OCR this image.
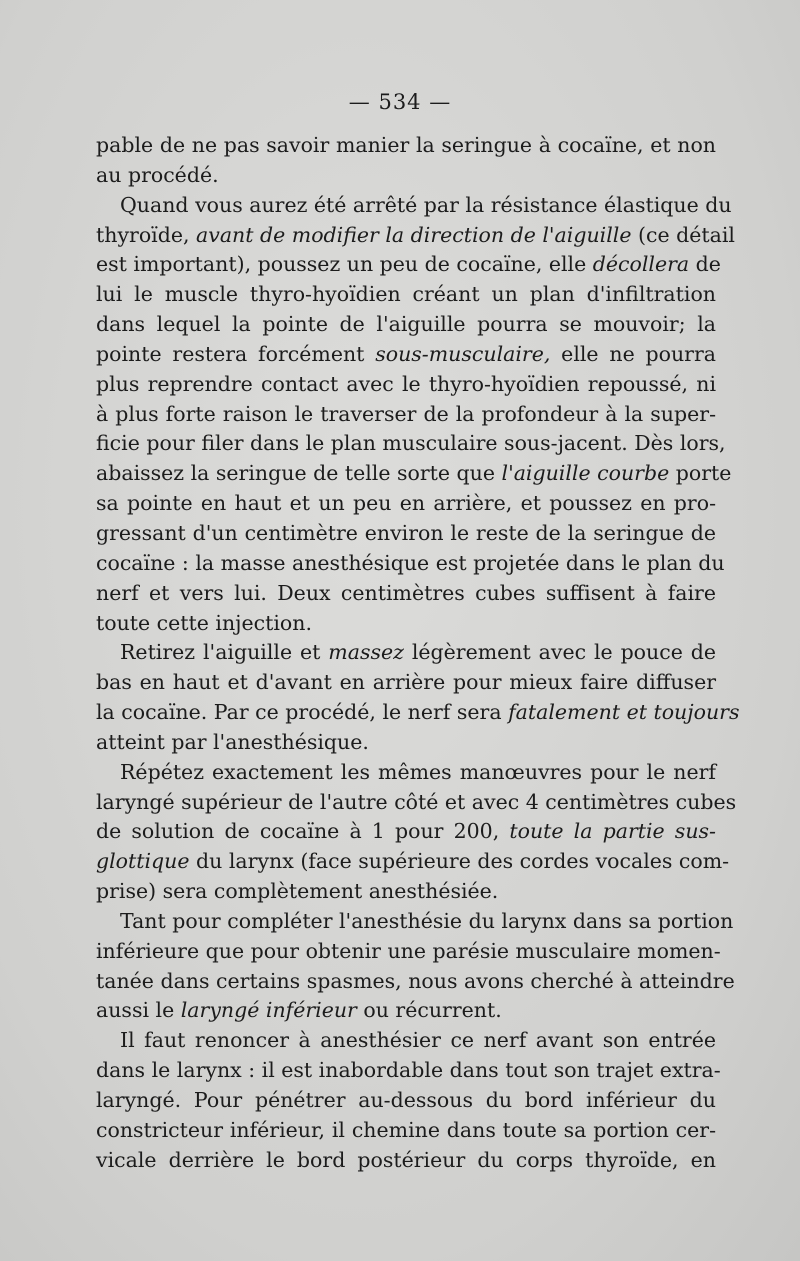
— 534 —

pable de ne pas savoir manier la seringue à cocaïne, et non
au procédé.

Quand vous aurez été arrêté par la résistance élastique du
thyroïde, avant de modifier la direction de l'aiguille (ce détail
est important), poussez un peu de cocaïne, elle décollera de
lui le muscle thyro-hyoïdien créant un plan d'infiltration
dans lequel la pointe de l'aiguille pourra se mouvoir; la
pointe restera forcément sous-musculaire, elle ne pourra
plus reprendre contact avec le thyro-hyoïdien repoussé, ni
à plus forte raison le traverser de la profondeur à la super-
ficie pour filer dans le plan musculaire sous-jacent. Dès lors,
abaissez la seringue de telle sorte que l'aiguille courbe porte
sa pointe en haut et un peu en arrière, et poussez en pro-
gressant d'un centimètre environ le reste de la seringue de
cocaïne : la masse anesthésique est projetée dans le plan du
nerf et vers lui. Deux centimètres cubes suffisent à faire
toute cette injection.

Retirez l'aiguille et massez légèrement avec le pouce de
bas en haut et d'avant en arrière pour mieux faire diffuser
la cocaïne. Par ce procédé, le nerf sera fatalement et toujours
atteint par l'anesthésique.

Répétez exactement les mêmes manœuvres pour le nerf
laryngé supérieur de l'autre côté et avec 4 centimètres cubes
de solution de cocaïne à 1 pour 200, toute la partie sus-
glottique du larynx (face supérieure des cordes vocales com-
prise) sera complètement anesthésiée.

Tant pour compléter l'anesthésie du larynx dans sa portion
inférieure que pour obtenir une parésie musculaire momen-
tanée dans certains spasmes, nous avons cherché à atteindre
aussi le laryngé inférieur ou récurrent.

Il faut renoncer à anesthésier ce nerf avant son entrée
dans le larynx : il est inabordable dans tout son trajet extra-
laryngé. Pour pénétrer au-dessous du bord inférieur du
constricteur inférieur, il chemine dans toute sa portion cer-
vicale derrière le bord postérieur du corps thyroïde, en
